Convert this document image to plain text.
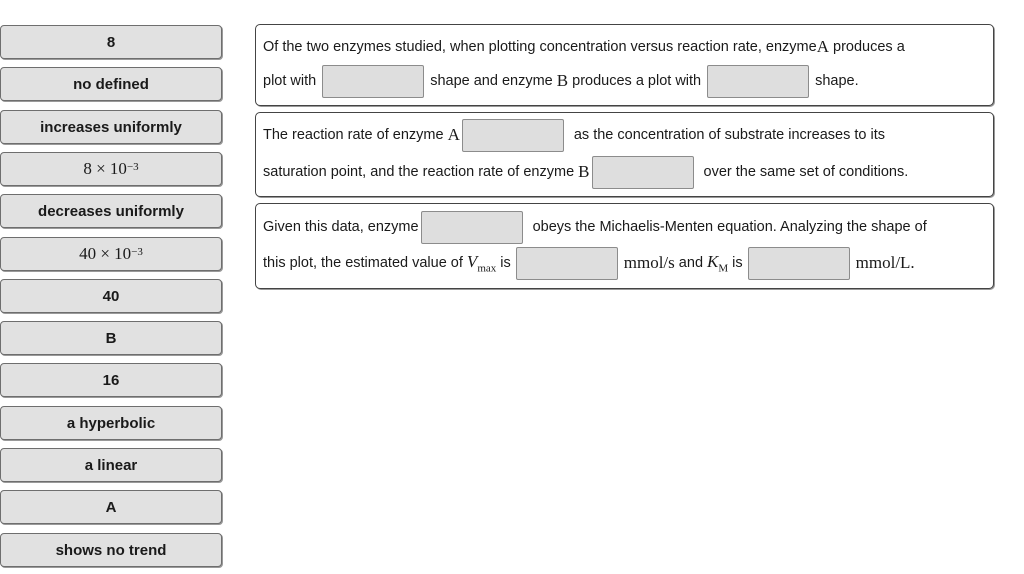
8
no defined
increases uniformly
$8 \times 10^{-3}$
decreases uniformly
$40 \times 10^{-3}$
40
B
16
a hyperbolic
a linear
A
shows no trend
Of the two enzymes studied, when plotting concentration versus reaction rate, enzyme A produces a
plot with	shape and enzyme B produces a plot with	shape.
The reaction rate of enzyme A	as the concentration of substrate increases to its
saturation point, and the reaction rate of enzyme B	over the same set of conditions.
Given this data, enzyme	obeys the Michaelis-Menten equation. Analyzing the shape of
this plot, the estimated value of $V_{max}$ is	mmol/s and $K_M$ is	mmol/L.
